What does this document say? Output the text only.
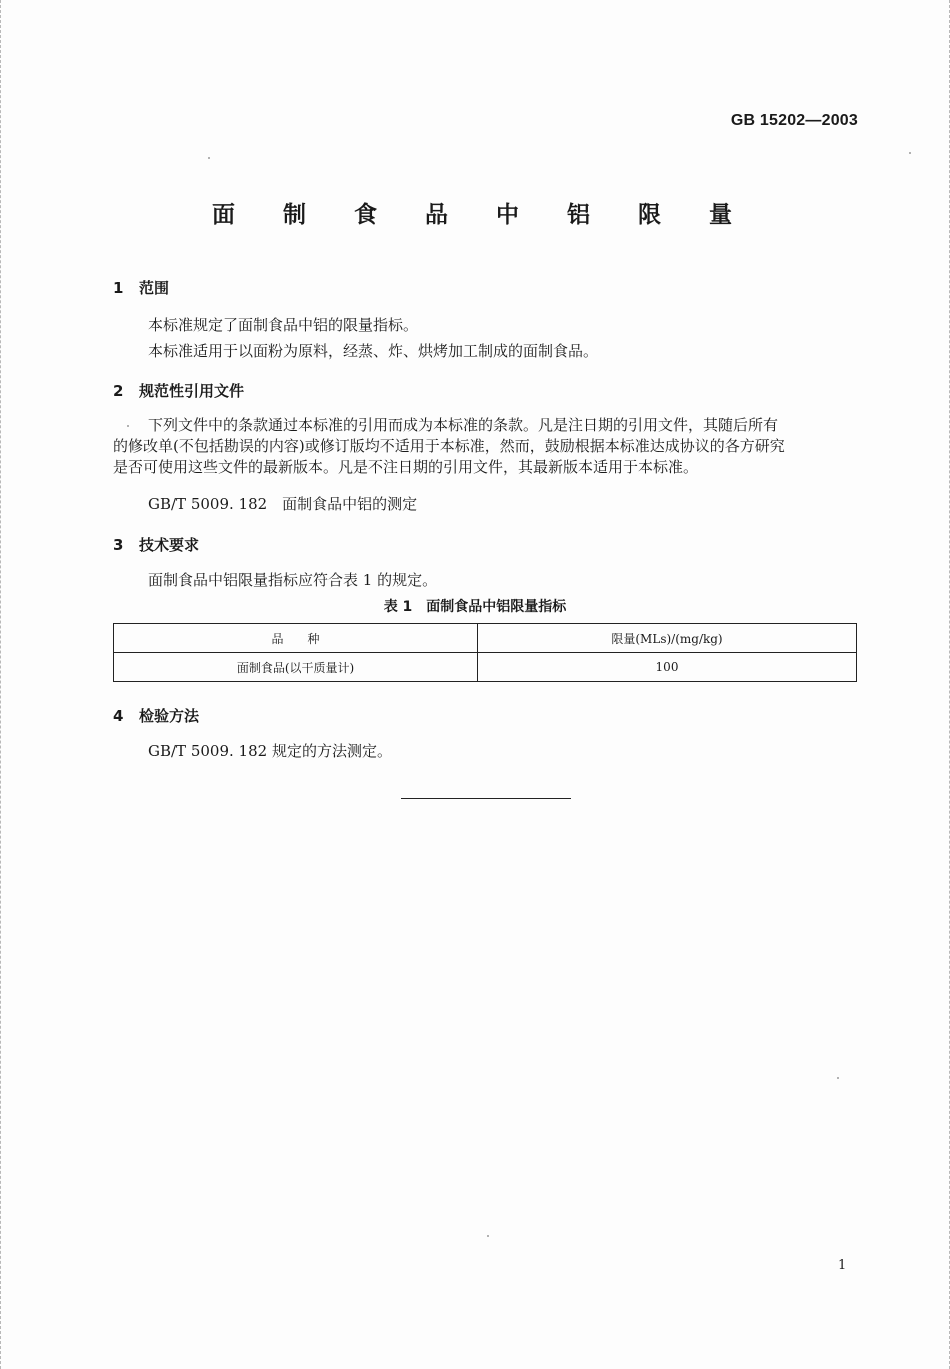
GB 15202—2003
面 制 食 品 中 铝 限 量
1 范围
本标准规定了面制食品中铝的限量指标。
本标准适用于以面粉为原料，经蒸、炸、烘烤加工制成的面制食品。
2 规范性引用文件
下列文件中的条款通过本标准的引用而成为本标准的条款。凡是注日期的引用文件，其随后所有
的修改单(不包括勘误的内容)或修订版均不适用于本标准，然而，鼓励根据本标准达成协议的各方研究
是否可使用这些文件的最新版本。凡是不注日期的引用文件，其最新版本适用于本标准。
GB/T 5009. 182　面制食品中铝的测定
3 技术要求
面制食品中铝限量指标应符合表 1 的规定。
表 1　面制食品中铝限量指标
品　　种	限量(MLs)/(mg/kg)
面制食品(以干质量计)	100
4 检验方法
GB/T 5009. 182 规定的方法测定。
1
